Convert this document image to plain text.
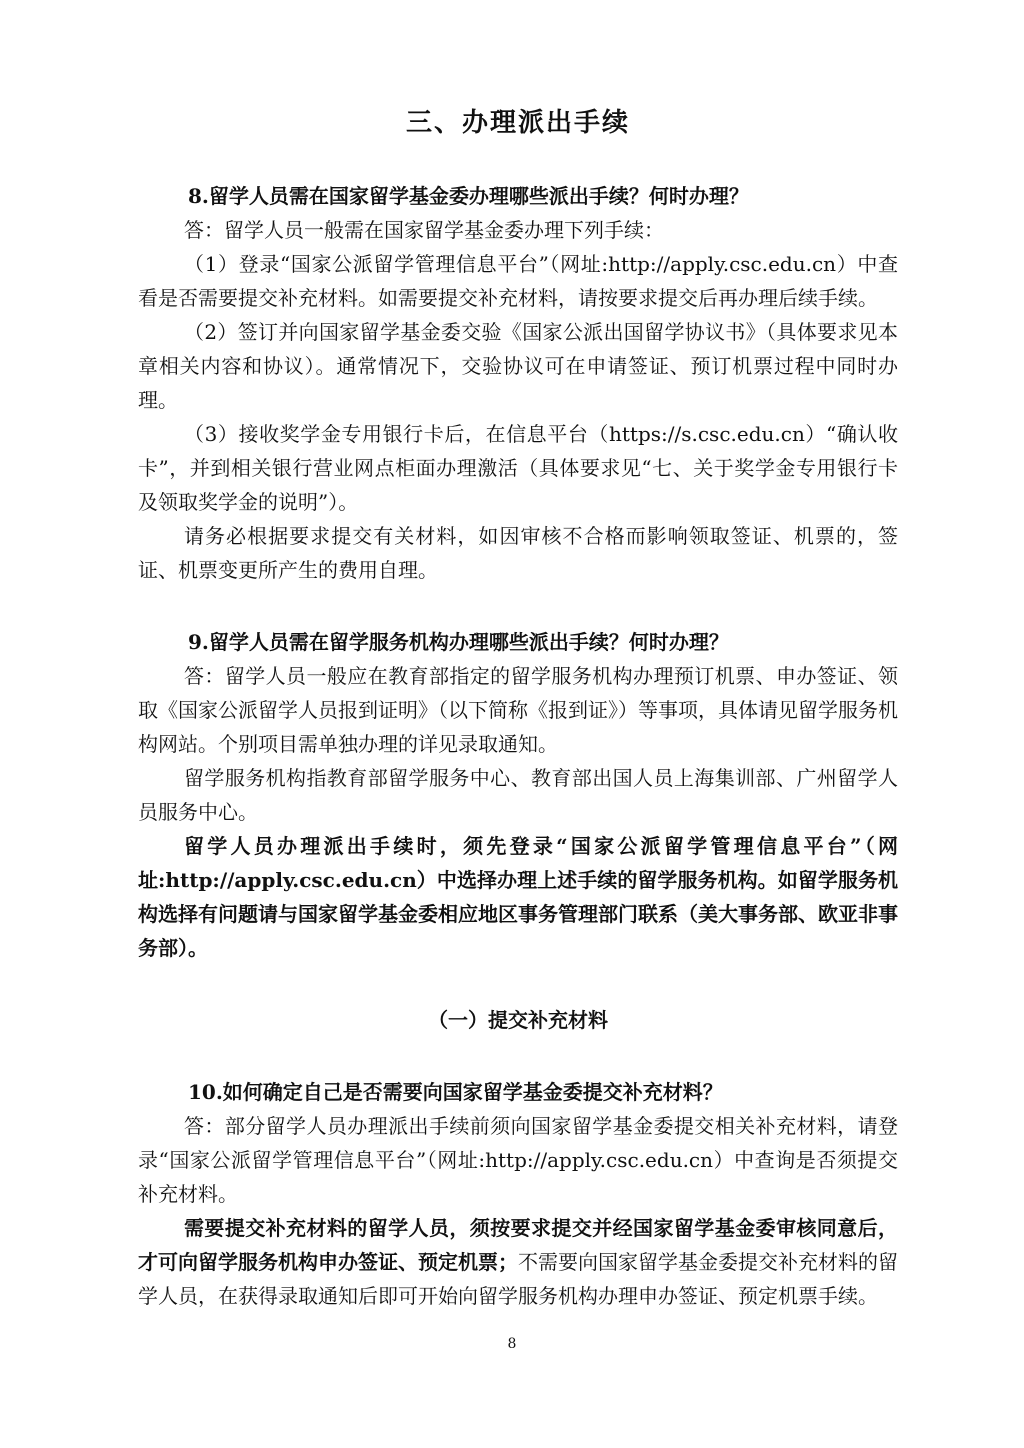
三、办理派出手续
8.留学人员需在国家留学基金委办理哪些派出手续？何时办理？

答：留学人员一般需在国家留学基金委办理下列手续：

（1）登录“国家公派留学管理信息平台”（网址:http://apply.csc.edu.cn）中查看是否需要提交补充材料。如需要提交补充材料，请按要求提交后再办理后续手续。

（2）签订并向国家留学基金委交验《国家公派出国留学协议书》（具体要求见本章相关内容和协议）。通常情况下，交验协议可在申请签证、预订机票过程中同时办理。

（3）接收奖学金专用银行卡后，在信息平台（https://s.csc.edu.cn）“确认收卡”，并到相关银行营业网点柜面办理激活（具体要求见“七、关于奖学金专用银行卡及领取奖学金的说明”）。

请务必根据要求提交有关材料，如因审核不合格而影响领取签证、机票的，签证、机票变更所产生的费用自理。

9.留学人员需在留学服务机构办理哪些派出手续？何时办理？

答：留学人员一般应在教育部指定的留学服务机构办理预订机票、申办签证、领取《国家公派留学人员报到证明》（以下简称《报到证》）等事项，具体请见留学服务机构网站。个别项目需单独办理的详见录取通知。

留学服务机构指教育部留学服务中心、教育部出国人员上海集训部、广州留学人员服务中心。

留学人员办理派出手续时，须先登录“国家公派留学管理信息平台”（网址:http://apply.csc.edu.cn）中选择办理上述手续的留学服务机构。如留学服务机构选择有问题请与国家留学基金委相应地区事务管理部门联系（美大事务部、欧亚非事务部）。

（一）提交补充材料
10.如何确定自己是否需要向国家留学基金委提交补充材料？

答：部分留学人员办理派出手续前须向国家留学基金委提交相关补充材料，请登录“国家公派留学管理信息平台”（网址:http://apply.csc.edu.cn）中查询是否须提交补充材料。

需要提交补充材料的留学人员，须按要求提交并经国家留学基金委审核同意后，才可向留学服务机构申办签证、预定机票；不需要向国家留学基金委提交补充材料的留学人员，在获得录取通知后即可开始向留学服务机构办理申办签证、预定机票手续。

8
